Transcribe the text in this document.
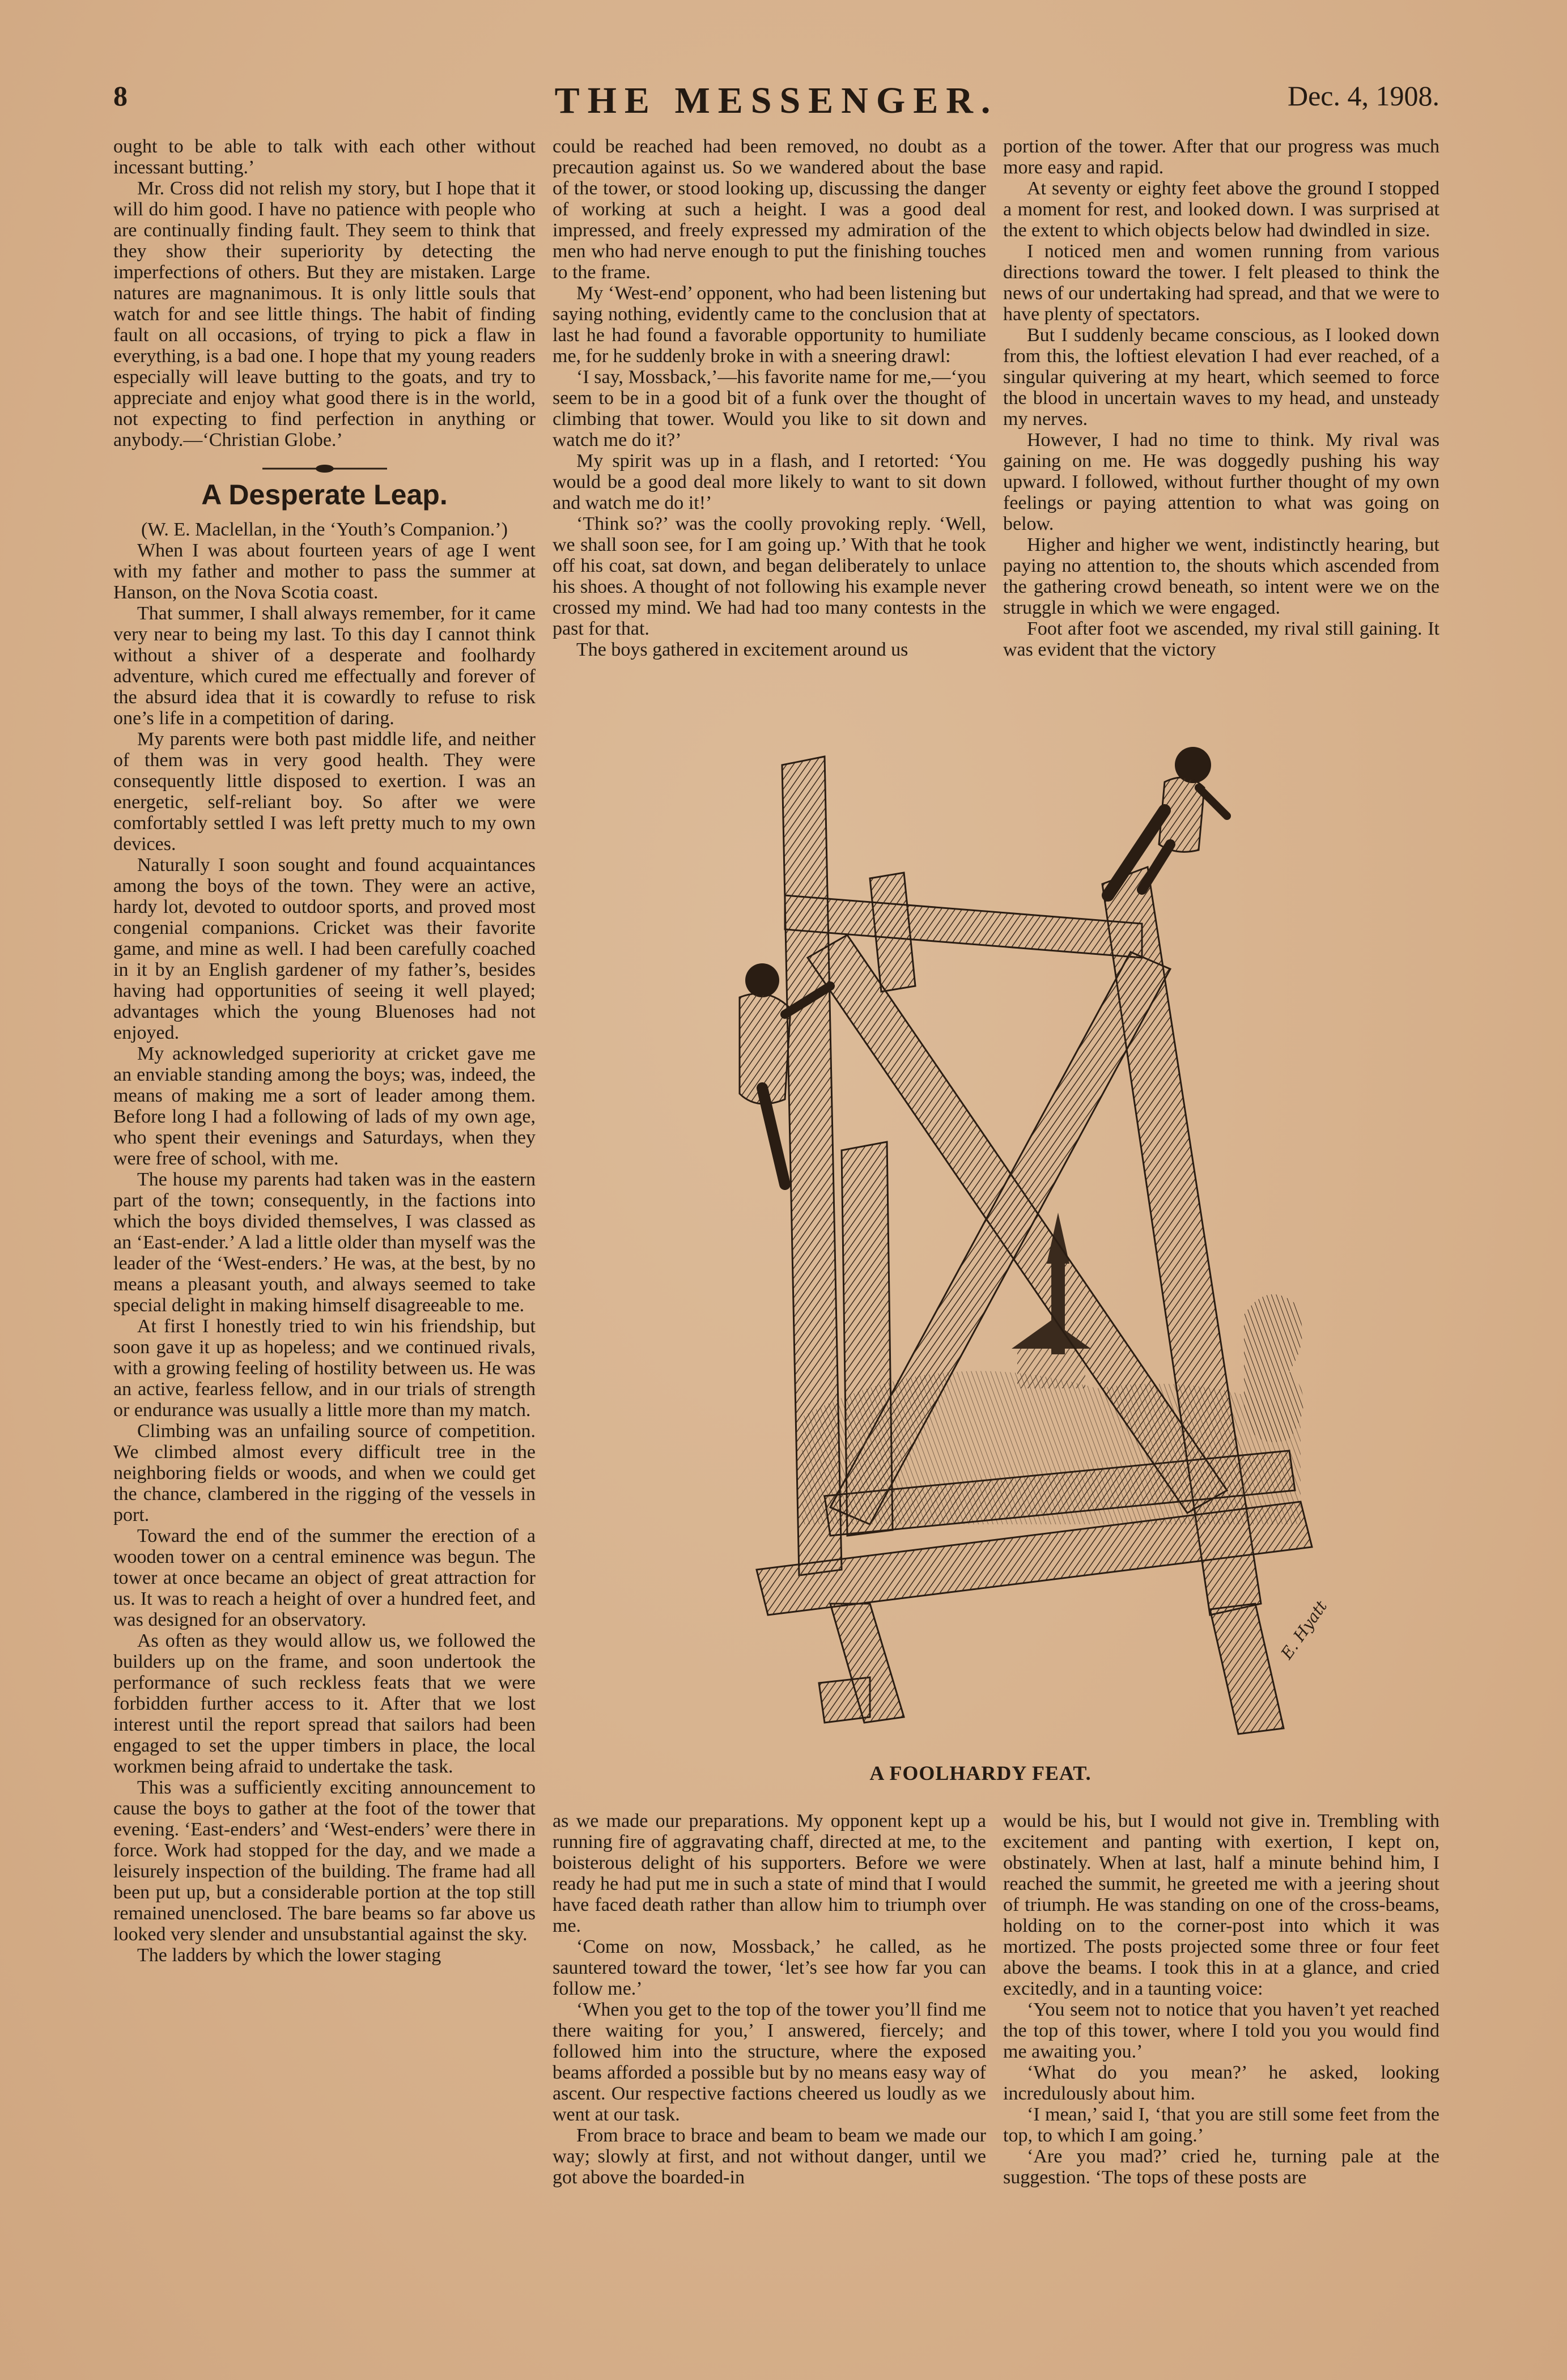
8	THE MESSENGER.	Dec. 4, 1908.

ought to be able to talk with each other without incessant butting.’

Mr. Cross did not relish my story, but I hope that it will do him good. I have no patience with people who are continually finding fault. They seem to think that they show their superiority by detecting the imperfections of others. But they are mistaken. Large natures are magnanimous. It is only little souls that watch for and see little things. The habit of finding fault on all occasions, of trying to pick a flaw in everything, is a bad one. I hope that my young readers especially will leave butting to the goats, and try to appreciate and enjoy what good there is in the world, not expecting to find perfection in anything or anybody.—‘Christian Globe.’

A Desperate Leap.

(W. E. Maclellan, in the ‘Youth’s Companion.’)

When I was about fourteen years of age I went with my father and mother to pass the summer at Hanson, on the Nova Scotia coast.

That summer, I shall always remember, for it came very near to being my last. To this day I cannot think without a shiver of a desperate and foolhardy adventure, which cured me effectually and forever of the absurd idea that it is cowardly to refuse to risk one’s life in a competition of daring.

My parents were both past middle life, and neither of them was in very good health. They were consequently little disposed to exertion. I was an energetic, self-reliant boy. So after we were comfortably settled I was left pretty much to my own devices.

Naturally I soon sought and found acquaintances among the boys of the town. They were an active, hardy lot, devoted to outdoor sports, and proved most congenial companions. Cricket was their favorite game, and mine as well. I had been carefully coached in it by an English gardener of my father’s, besides having had opportunities of seeing it well played; advantages which the young Bluenoses had not enjoyed.

My acknowledged superiority at cricket gave me an enviable standing among the boys; was, indeed, the means of making me a sort of leader among them. Before long I had a following of lads of my own age, who spent their evenings and Saturdays, when they were free of school, with me.

The house my parents had taken was in the eastern part of the town; consequently, in the factions into which the boys divided themselves, I was classed as an ‘East-ender.’ A lad a little older than myself was the leader of the ‘West-enders.’ He was, at the best, by no means a pleasant youth, and always seemed to take special delight in making himself disagreeable to me.

At first I honestly tried to win his friendship, but soon gave it up as hopeless; and we continued rivals, with a growing feeling of hostility between us. He was an active, fearless fellow, and in our trials of strength or endurance was usually a little more than my match.

Climbing was an unfailing source of competition. We climbed almost every difficult tree in the neighboring fields or woods, and when we could get the chance, clambered in the rigging of the vessels in port.

Toward the end of the summer the erection of a wooden tower on a central eminence was begun. The tower at once became an object of great attraction for us. It was to reach a height of over a hundred feet, and was designed for an observatory.

As often as they would allow us, we followed the builders up on the frame, and soon undertook the performance of such reckless feats that we were forbidden further access to it. After that we lost interest until the report spread that sailors had been engaged to set the upper timbers in place, the local workmen being afraid to undertake the task.

This was a sufficiently exciting announcement to cause the boys to gather at the foot of the tower that evening. ‘East-enders’ and ‘West-enders’ were there in force. Work had stopped for the day, and we made a leisurely inspection of the building. The frame had all been put up, but a considerable portion at the top still remained unenclosed. The bare beams so far above us looked very slender and unsubstantial against the sky.

The ladders by which the lower staging

could be reached had been removed, no doubt as a precaution against us. So we wandered about the base of the tower, or stood looking up, discussing the danger of working at such a height. I was a good deal impressed, and freely expressed my admiration of the men who had nerve enough to put the finishing touches to the frame.

My ‘West-end’ opponent, who had been listening but saying nothing, evidently came to the conclusion that at last he had found a favorable opportunity to humiliate me, for he suddenly broke in with a sneering drawl:

‘I say, Mossback,’—his favorite name for me,—‘you seem to be in a good bit of a funk over the thought of climbing that tower. Would you like to sit down and watch me do it?’

My spirit was up in a flash, and I retorted: ‘You would be a good deal more likely to want to sit down and watch me do it!’

‘Think so?’ was the coolly provoking reply. ‘Well, we shall soon see, for I am going up.’ With that he took off his coat, sat down, and began deliberately to unlace his shoes. A thought of not following his example never crossed my mind. We had had too many contests in the past for that.

The boys gathered in excitement around us

portion of the tower. After that our progress was much more easy and rapid.

At seventy or eighty feet above the ground I stopped a moment for rest, and looked down. I was surprised at the extent to which objects below had dwindled in size.

I noticed men and women running from various directions toward the tower. I felt pleased to think the news of our undertaking had spread, and that we were to have plenty of spectators.

But I suddenly became conscious, as I looked down from this, the loftiest elevation I had ever reached, of a singular quivering at my heart, which seemed to force the blood in uncertain waves to my head, and unsteady my nerves.

However, I had no time to think. My rival was gaining on me. He was doggedly pushing his way upward. I followed, without further thought of my own feelings or paying attention to what was going on below.

Higher and higher we went, indistinctly hearing, but paying no attention to, the shouts which ascended from the gathering crowd beneath, so intent were we on the struggle in which we were engaged.

Foot after foot we ascended, my rival still gaining. It was evident that the victory

E. Hyatt
A FOOLHARDY FEAT.

as we made our preparations. My opponent kept up a running fire of aggravating chaff, directed at me, to the boisterous delight of his supporters. Before we were ready he had put me in such a state of mind that I would have faced death rather than allow him to triumph over me.

‘Come on now, Mossback,’ he called, as he sauntered toward the tower, ‘let’s see how far you can follow me.’

‘When you get to the top of the tower you’ll find me there waiting for you,’ I answered, fiercely; and followed him into the structure, where the exposed beams afforded a possible but by no means easy way of ascent. Our respective factions cheered us loudly as we went at our task.

From brace to brace and beam to beam we made our way; slowly at first, and not without danger, until we got above the boarded-in

would be his, but I would not give in. Trembling with excitement and panting with exertion, I kept on, obstinately. When at last, half a minute behind him, I reached the summit, he greeted me with a jeering shout of triumph. He was standing on one of the cross-beams, holding on to the corner-post into which it was mortized. The posts projected some three or four feet above the beams. I took this in at a glance, and cried excitedly, and in a taunting voice:

‘You seem not to notice that you haven’t yet reached the top of this tower, where I told you you would find me awaiting you.’

‘What do you mean?’ he asked, looking incredulously about him.

‘I mean,’ said I, ‘that you are still some feet from the top, to which I am going.’

‘Are you mad?’ cried he, turning pale at the suggestion. ‘The tops of these posts are
